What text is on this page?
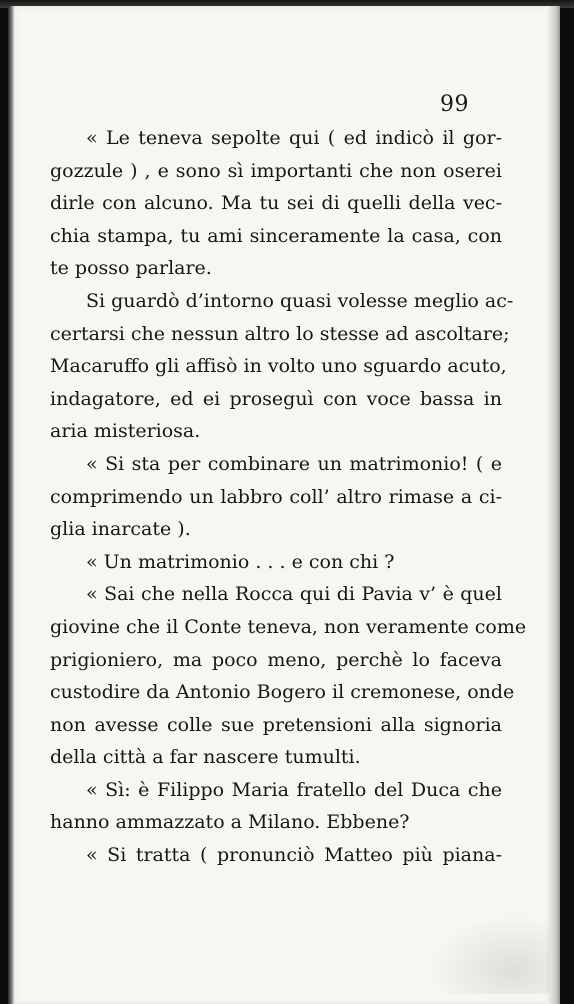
99
« Le teneva sepolte qui ( ed indicò il gor-
gozzule ) , e sono sì importanti che non oserei
dirle con alcuno. Ma tu sei di quelli della vec-
chia stampa, tu ami sinceramente la casa, con
te posso parlare.
Si guardò d’intorno quasi volesse meglio ac-
certarsi che nessun altro lo stesse ad ascoltare;
Macaruffo gli affisò in volto uno sguardo acuto,
indagatore, ed ei proseguì con voce bassa in
aria misteriosa.
« Si sta per combinare un matrimonio! ( e
comprimendo un labbro coll’ altro rimase a ci-
glia inarcate ).
« Un matrimonio . . . e con chi ?
« Sai che nella Rocca qui di Pavia v’ è quel
giovine che il Conte teneva, non veramente come
prigioniero, ma poco meno, perchè lo faceva
custodire da Antonio Bogero il cremonese, onde
non avesse colle sue pretensioni alla signoria
della città a far nascere tumulti.
« Sì: è Filippo Maria fratello del Duca che
hanno ammazzato a Milano. Ebbene?
« Si tratta ( pronunciò Matteo più piana-
